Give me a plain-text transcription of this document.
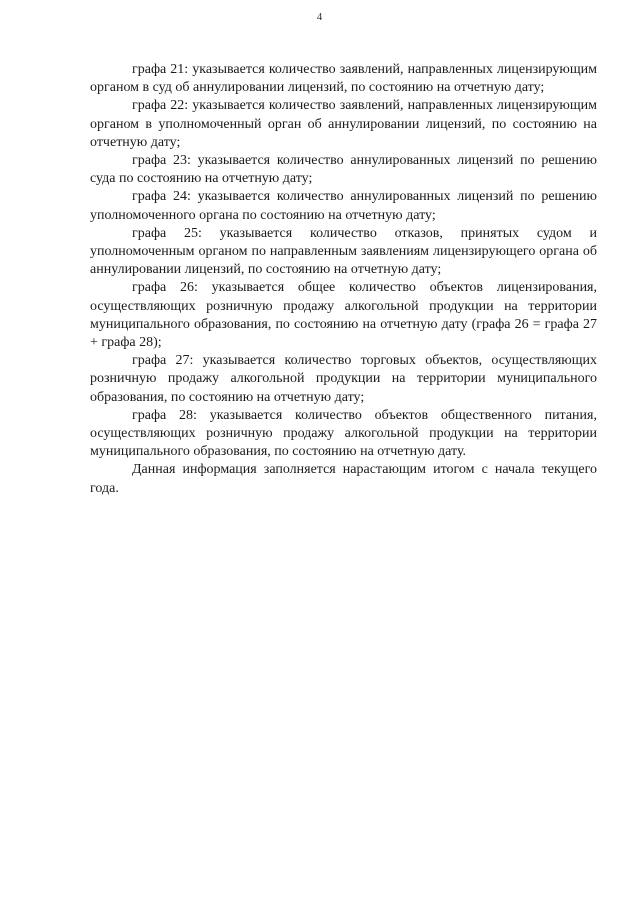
4

графа 21: указывается количество заявлений, направленных лицензирующим органом в суд об аннулировании лицензий, по состоянию на отчетную дату;

графа 22: указывается количество заявлений, направленных лицензирующим органом в уполномоченный орган об аннулировании лицензий, по состоянию на отчетную дату;

графа 23: указывается количество аннулированных лицензий по решению суда по состоянию на отчетную дату;

графа 24: указывается количество аннулированных лицензий по решению уполномоченного органа по состоянию на отчетную дату;

графа 25: указывается количество отказов, принятых судом и уполномоченным органом по направленным заявлениям лицензирующего органа об аннулировании лицензий, по состоянию на отчетную дату;

графа 26: указывается общее количество объектов лицензирования, осуществляющих розничную продажу алкогольной продукции на территории муниципального образования, по состоянию на отчетную дату (графа 26 = графа 27 + графа 28);

графа 27: указывается количество торговых объектов, осуществляющих розничную продажу алкогольной продукции на территории муниципального образования, по состоянию на отчетную дату;

графа 28: указывается количество объектов общественного питания, осуществляющих розничную продажу алкогольной продукции на территории муниципального образования, по состоянию на отчетную дату.

Данная информация заполняется нарастающим итогом с начала текущего года.
